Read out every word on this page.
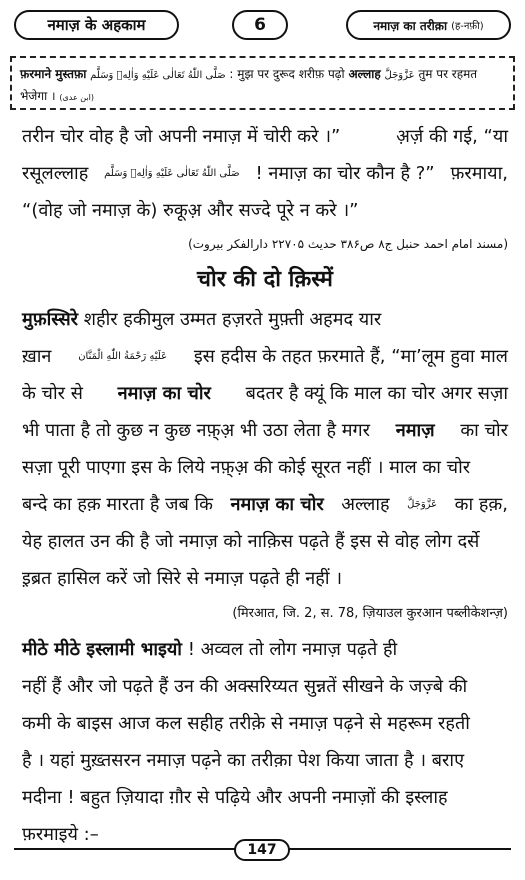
नमाज़ के अहकाम	6	नमाज़ का तरीक़ा (ह-नफ़ी)
फ़रमाने मुस्तफ़ा صَلَّى اللّٰهُ تَعَالٰى عَلَيْهِ وَاٰلِهٖ وَسَلَّم : मुझ पर दुरूद शरीफ़ पढ़ो अल्लाह عَزَّوَجَلَّ तुम पर रहमत
भेजेगा । (ابن عدی)
तरीन चोर वोह है जो अपनी नमाज़ में चोरी करे ।”	अ़र्ज़ की गई, “या
रसूलल्लाह صَلَّى اللّٰهُ تَعَالٰى عَلَيْهِ وَاٰلِهٖ وَسَلَّم ! नमाज़ का चोर कौन है ?” फ़रमाया,
“(वोह जो नमाज़ के) रुकूअ़ और सज्दे पूरे न करे ।”
(مسند امام احمد حنبل ج۸ ص۳۸۶ حدیث ۲۲۷۰۵ دارالفکر بیروت)
चोर की दो क़िस्में
मुफ़स्सिरे शहीर हकीमुल उम्मत हज़रते मुफ़्ती अहमद यार
ख़ान	عَلَيْهِ رَحْمَةُ اللّٰهِ الْمَنَّان इस हदीस के तहत फ़रमाते हैं, “मा’लूम हुवा माल
के चोर से नमाज़ का चोर बदतर है क्यूं कि माल का चोर अगर सज़ा
भी पाता है तो कुछ न कुछ नफ़्अ़ भी उठा लेता है मगर नमाज़ का चोर
सज़ा पूरी पाएगा इस के लिये नफ़्अ़ की कोई सूरत नहीं । माल का चोर
बन्दे का हक़ मारता है जब कि नमाज़ का चोर अल्लाह عَزَّوَجَلَّ का हक़,
येह हालत उन की है जो नमाज़ को नाक़िस पढ़ते हैं इस से वोह लोग दर्से
इ़ब्रत हासिल करें जो सिरे से नमाज़ पढ़ते ही नहीं ।
(मिरआत, जि. 2, स. 78, ज़ियाउल कुरआन पब्लीकेशन्ज़)
मीठे मीठे इस्लामी भाइयो ! अव्वल तो लोग नमाज़ पढ़ते ही
नहीं हैं और जो पढ़ते हैं उन की अक्सरिय्यत सुन्नतें सीखने के जज़्बे की
कमी के बाइस आज कल सहीह तरीक़े से नमाज़ पढ़ने से महरूम रहती
है । यहां मुख़्तसरन नमाज़ पढ़ने का तरीक़ा पेश किया जाता है । बराए
मदीना ! बहुत ज़ियादा ग़ौर से पढ़िये और अपनी नमाज़ों की इस्लाह
फ़रमाइये :–
147
